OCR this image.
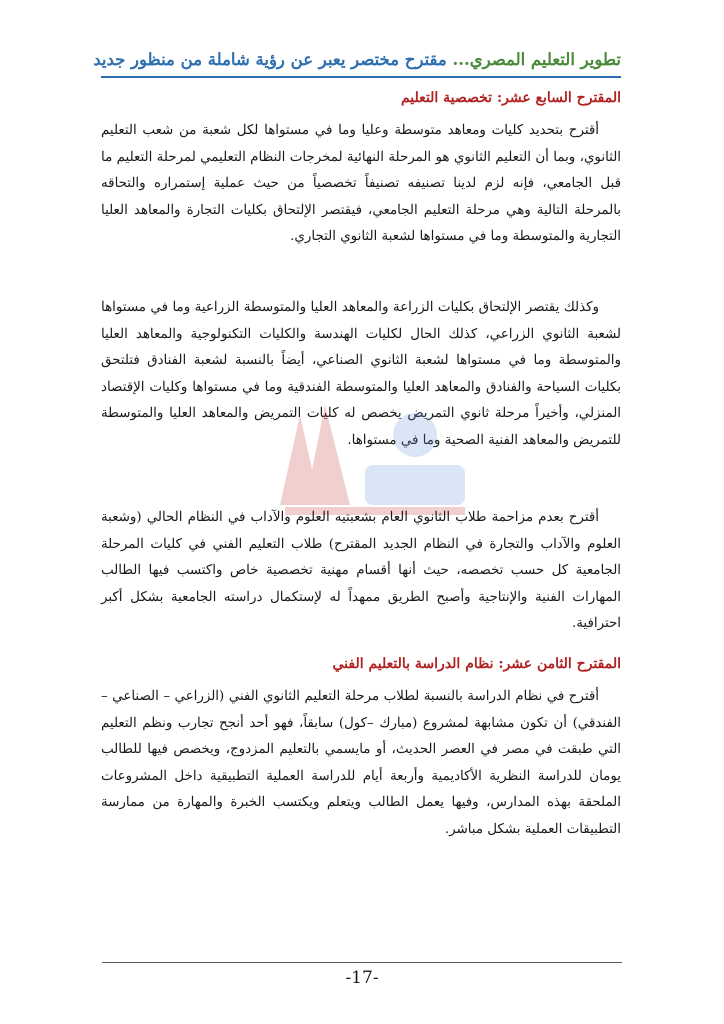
تطوير التعليم المصري... مقترح مختصر يعبر عن رؤية شاملة من منظور جديد
المقترح السابع عشر: تخصصية التعليم
أقترح بتحديد كليات ومعاهد متوسطة وعليا وما في مستواها لكل شعبة من شعب التعليم الثانوي، وبما أن التعليم الثانوي هو المرحلة النهائية لمخرجات النظام التعليمي لمرحلة التعليم ما قبل الجامعي، فإنه لزم لدينا تصنيفه تصنيفاً تخصصياً من حيث عملية إستمراره والتحاقه بالمرحلة التالية وهي مرحلة التعليم الجامعي، فيقتصر الإلتحاق بكليات التجارة والمعاهد العليا التجارية والمتوسطة وما في مستواها لشعبة الثانوي التجاري.
وكذلك يقتصر الإلتحاق بكليات الزراعة والمعاهد العليا والمتوسطة الزراعية وما في مستواها لشعبة الثانوي الزراعي، كذلك الحال لكليات الهندسة والكليات التكنولوجية والمعاهد العليا والمتوسطة وما في مستواها لشعبة الثانوي الصناعي، أيضاً بالنسبة لشعبة الفنادق فتلتحق بكليات السياحة والفنادق والمعاهد العليا والمتوسطة الفندقية وما في مستواها وكليات الإقتصاد المنزلي، وأخيراً مرحلة ثانوي التمريض يخصص له كليات التمريض والمعاهد العليا والمتوسطة للتمريض والمعاهد الفنية الصحية وما في مستواها.
أقترح بعدم مزاحمة طلاب الثانوي العام بشعبتيه العلوم والآداب في النظام الحالي (وشعبة العلوم والآداب والتجارة في النظام الجديد المقترح) طلاب التعليم الفني في كليات المرحلة الجامعية كل حسب تخصصه، حيث أنها أقسام مهنية تخصصية خاص واكتسب فيها الطالب المهارات الفنية والإنتاجية وأصبح الطريق ممهداً له لإستكمال دراسته الجامعية بشكل أكبر احترافية.
المقترح الثامن عشر: نظام الدراسة بالتعليم الفني
أقترح في نظام الدراسة بالنسبة لطلاب مرحلة التعليم الثانوي الفني (الزراعي – الصناعي – الفندقي) أن تكون مشابهة لمشروع (مبارك –كول) سابقاً، فهو أحد أنجح تجارب ونظم التعليم التي طبقت في مصر في العصر الحديث، أو مايسمي بالتعليم المزدوج، ويخصص فيها للطالب يومان للدراسة النظرية الأكاديمية وأربعة أيام للدراسة العملية التطبيقية داخل المشروعات الملحقة بهذه المدارس، وفيها يعمل الطالب ويتعلم ويكتسب الخبرة والمهارة من ممارسة التطبيقات العملية بشكل مباشر.
-17-
